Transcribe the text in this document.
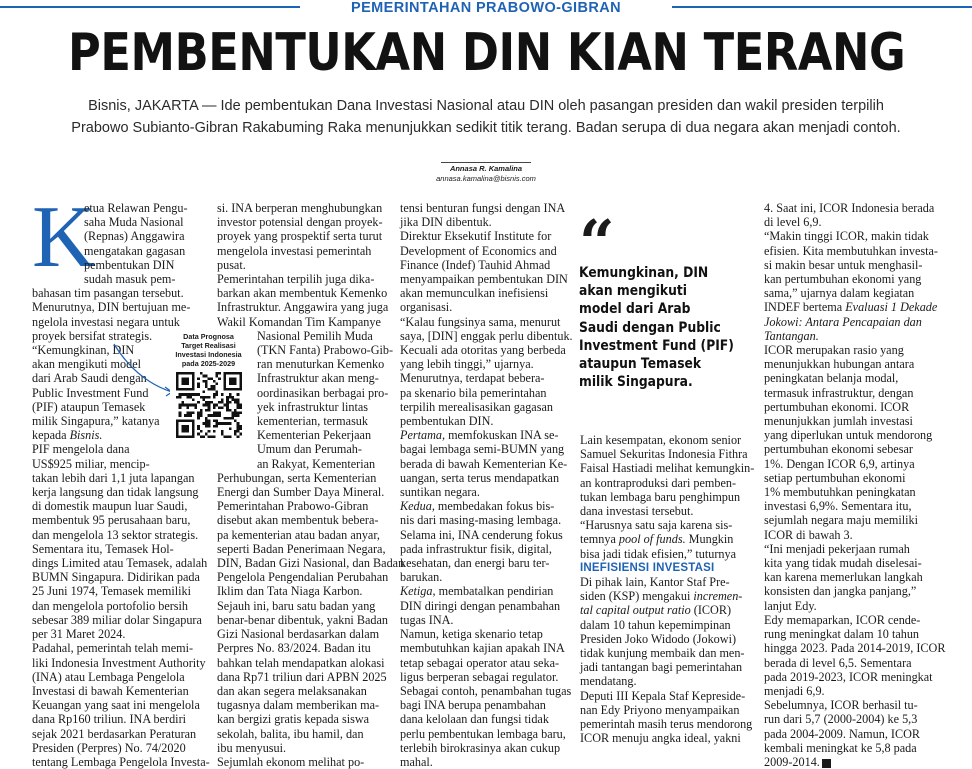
PEMERINTAHAN PRABOWO-GIBRAN
PEMBENTUKAN DIN KIAN TERANG
Bisnis, JAKARTA — Ide pembentukan Dana Investasi Nasional atau DIN oleh pasangan presiden dan wakil presiden terpilih
Prabowo Subianto-Gibran Rakabuming Raka menunjukkan sedikit titik terang. Badan serupa di dua negara akan menjadi contoh.
Annasa R. Kamalina
annasa.kamalina@bisnis.com
K
etua Relawan Pengu-
saha Muda Nasional
(Repnas) Anggawira
mengatakan gagasan
pembentukan DIN
sudah masuk pem-
bahasan tim pasangan tersebut.
Menurutnya, DIN bertujuan me-
ngelola investasi negara untuk
proyek bersifat strategis.
“Kemungkinan, DIN
akan mengikuti model
dari Arab Saudi dengan
Public Investment Fund
(PIF) ataupun Temasek
milik Singapura,” katanya
kepada Bisnis.
PIF mengelola dana
US$925 miliar, mencip-
takan lebih dari 1,1 juta lapangan
kerja langsung dan tidak langsung
di domestik maupun luar Saudi,
membentuk 95 perusahaan baru,
dan mengelola 13 sektor strategis.
Sementara itu, Temasek Hol-
dings Limited atau Temasek, adalah
BUMN Singapura. Didirikan pada
25 Juni 1974, Temasek memiliki
dan mengelola portofolio bersih
sebesar 389 miliar dolar Singapura
per 31 Maret 2024.
Padahal, pemerintah telah memi-
liki Indonesia Investment Authority
(INA) atau Lembaga Pengelola
Investasi di bawah Kementerian
Keuangan yang saat ini mengelola
dana Rp160 triliun. INA berdiri
sejak 2021 berdasarkan Peraturan
Presiden (Perpres) No. 74/2020
tentang Lembaga Pengelola Investa-
si. INA berperan menghubungkan
investor potensial dengan proyek-
proyek yang prospektif serta turut
mengelola investasi pemerintah
pusat.
Pemerintahan terpilih juga dika-
barkan akan membentuk Kemenko
Infrastruktur. Anggawira yang juga
Wakil Komandan Tim Kampanye
Nasional Pemilih Muda
(TKN Fanta) Prabowo-Gib-
ran menuturkan Kemenko
Infrastruktur akan meng-
oordinasikan berbagai pro-
yek infrastruktur lintas
kementerian, termasuk
Kementerian Pekerjaan
Umum dan Perumah-
an Rakyat, Kementerian
Perhubungan, serta Kementerian
Energi dan Sumber Daya Mineral.
Pemerintahan Prabowo-Gibran
disebut akan membentuk bebera-
pa kementerian atau badan anyar,
seperti Badan Penerimaan Negara,
DIN, Badan Gizi Nasional, dan Badan
Pengelola Pengendalian Perubahan
Iklim dan Tata Niaga Karbon.
Sejauh ini, baru satu badan yang
benar-benar dibentuk, yakni Badan
Gizi Nasional berdasarkan dalam
Perpres No. 83/2024. Badan itu
bahkan telah mendapatkan alokasi
dana Rp71 triliun dari APBN 2025
dan akan segera melaksanakan
tugasnya dalam memberikan ma-
kan bergizi gratis kepada siswa
sekolah, balita, ibu hamil, dan
ibu menyusui.
Sejumlah ekonom melihat po-
tensi benturan fungsi dengan INA
jika DIN dibentuk.
Direktur Eksekutif Institute for
Development of Economics and
Finance (Indef) Tauhid Ahmad
menyampaikan pembentukan DIN
akan memunculkan inefisiensi
organisasi.
“Kalau fungsinya sama, menurut
saya, [DIN] enggak perlu dibentuk.
Kecuali ada otoritas yang berbeda
yang lebih tinggi,” ujarnya.
Menurutnya, terdapat bebera-
pa skenario bila pemerintahan
terpilih merealisasikan gagasan
pembentukan DIN.
Pertama, memfokuskan INA se-
bagai lembaga semi-BUMN yang
berada di bawah Kementerian Ke-
uangan, serta terus mendapatkan
suntikan negara.
Kedua, membedakan fokus bis-
nis dari masing-masing lembaga.
Selama ini, INA cenderung fokus
pada infrastruktur fisik, digital,
kesehatan, dan energi baru ter-
barukan.
Ketiga, membatalkan pendirian
DIN diringi dengan penambahan
tugas INA.
Namun, ketiga skenario tetap
membutuhkan kajian apakah INA
tetap sebagai operator atau seka-
ligus berperan sebagai regulator.
Sebagai contoh, penambahan tugas
bagi INA berupa penambahan
dana kelolaan dan fungsi tidak
perlu pembentukan lembaga baru,
terlebih birokrasinya akan cukup
mahal.
Lain kesempatan, ekonom senior
Samuel Sekuritas Indonesia Fithra
Faisal Hastiadi melihat kemungkin-
an kontraproduksi dari pemben-
tukan lembaga baru penghimpun
dana investasi tersebut.
“Harusnya satu saja karena sis-
temnya pool of funds. Mungkin
bisa jadi tidak efisien,” tuturnya
INEFISIENSI INVESTASI
Di pihak lain, Kantor Staf Pre-
siden (KSP) mengakui incremen-
tal capital output ratio (ICOR)
dalam 10 tahun kepemimpinan
Presiden Joko Widodo (Jokowi)
tidak kunjung membaik dan men-
jadi tantangan bagi pemerintahan
mendatang.
Deputi III Kepala Staf Kepreside-
nan Edy Priyono menyampaikan
pemerintah masih terus mendorong
ICOR menuju angka ideal, yakni
4. Saat ini, ICOR Indonesia berada
di level 6,9.
“Makin tinggi ICOR, makin tidak
efisien. Kita membutuhkan investa-
si makin besar untuk menghasil-
kan pertumbuhan ekonomi yang
sama,” ujarnya dalam kegiatan
INDEF bertema Evaluasi 1 Dekade
Jokowi: Antara Pencapaian dan
Tantangan.
ICOR merupakan rasio yang
menunjukkan hubungan antara
peningkatan belanja modal,
termasuk infrastruktur, dengan
pertumbuhan ekonomi. ICOR
menunjukkan jumlah investasi
yang diperlukan untuk mendorong
pertumbuhan ekonomi sebesar
1%. Dengan ICOR 6,9, artinya
setiap pertumbuhan ekonomi
1% membutuhkan peningkatan
investasi 6,9%. Sementara itu,
sejumlah negara maju memiliki
ICOR di bawah 3.
“Ini menjadi pekerjaan rumah
kita yang tidak mudah diselesai-
kan karena memerlukan langkah
konsisten dan jangka panjang,”
lanjut Edy.
Edy memaparkan, ICOR cende-
rung meningkat dalam 10 tahun
hingga 2023. Pada 2014-2019, ICOR
berada di level 6,5. Sementara
pada 2019-2023, ICOR meningkat
menjadi 6,9.
Sebelumnya, ICOR berhasil tu-
run dari 5,7 (2000-2004) ke 5,3
pada 2004-2009. Namun, ICOR
kembali meningkat ke 5,8 pada
2009-2014.
Data Prognosa
Target Realisasi
Investasi Indonesia
pada 2025-2029
“
Kemungkinan, DIN
akan mengikuti
model dari Arab
Saudi dengan Public
Investment Fund (PIF)
ataupun Temasek
milik Singapura.
